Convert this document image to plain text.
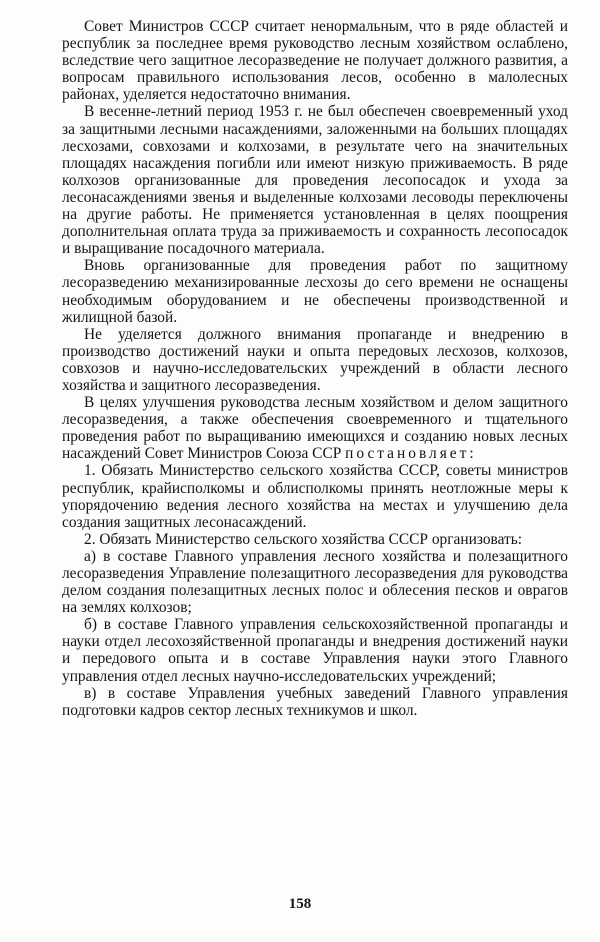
Совет Министров СССР считает ненормальным, что в ряде областей и республик за последнее время руководство лесным хозяйством ослаблено, вследствие чего защитное лесоразведение не получает должного развития, а вопросам правильного использования лесов, особенно в малолесных районах, уделяется недостаточно внимания.

В весенне-летний период 1953 г. не был обеспечен своевременный уход за защитными лесными насаждениями, заложенными на больших площадях лесхозами, совхозами и колхозами, в результате чего на значительных площадях насаждения погибли или имеют низкую приживаемость. В ряде колхозов организованные для проведения лесопосадок и ухода за лесонасаждениями звенья и выделенные колхозами лесоводы переключены на другие работы. Не применяется установленная в целях поощрения дополнительная оплата труда за приживаемость и сохранность лесопосадок и выращивание посадочного материала.

Вновь организованные для проведения работ по защитному лесоразведению механизированные лесхозы до сего времени не оснащены необходимым оборудованием и не обеспечены производственной и жилищной базой.

Не уделяется должного внимания пропаганде и внедрению в производство достижений науки и опыта передовых лесхозов, колхозов, совхозов и научно-исследовательских учреждений в области лесного хозяйства и защитного лесоразведения.

В целях улучшения руководства лесным хозяйством и делом защитного лесоразведения, а также обеспечения своевременного и тщательного проведения работ по выращиванию имеющихся и созданию новых лесных насаждений Совет Министров Союза ССР постановляет:

1. Обязать Министерство сельского хозяйства СССР, советы министров республик, крайисполкомы и облисполкомы принять неотложные меры к упорядочению ведения лесного хозяйства на местах и улучшению дела создания защитных лесонасаждений.

2. Обязать Министерство сельского хозяйства СССР организовать:

а) в составе Главного управления лесного хозяйства и полезащитного лесоразведения Управление полезащитного лесоразведения для руководства делом создания полезащитных лесных полос и облесения песков и оврагов на землях колхозов;

б) в составе Главного управления сельскохозяйственной пропаганды и науки отдел лесохозяйственной пропаганды и внедрения достижений науки и передового опыта и в составе Управления науки этого Главного управления отдел лесных научно-исследовательских учреждений;

в) в составе Управления учебных заведений Главного управления подготовки кадров сектор лесных техникумов и школ.

158
